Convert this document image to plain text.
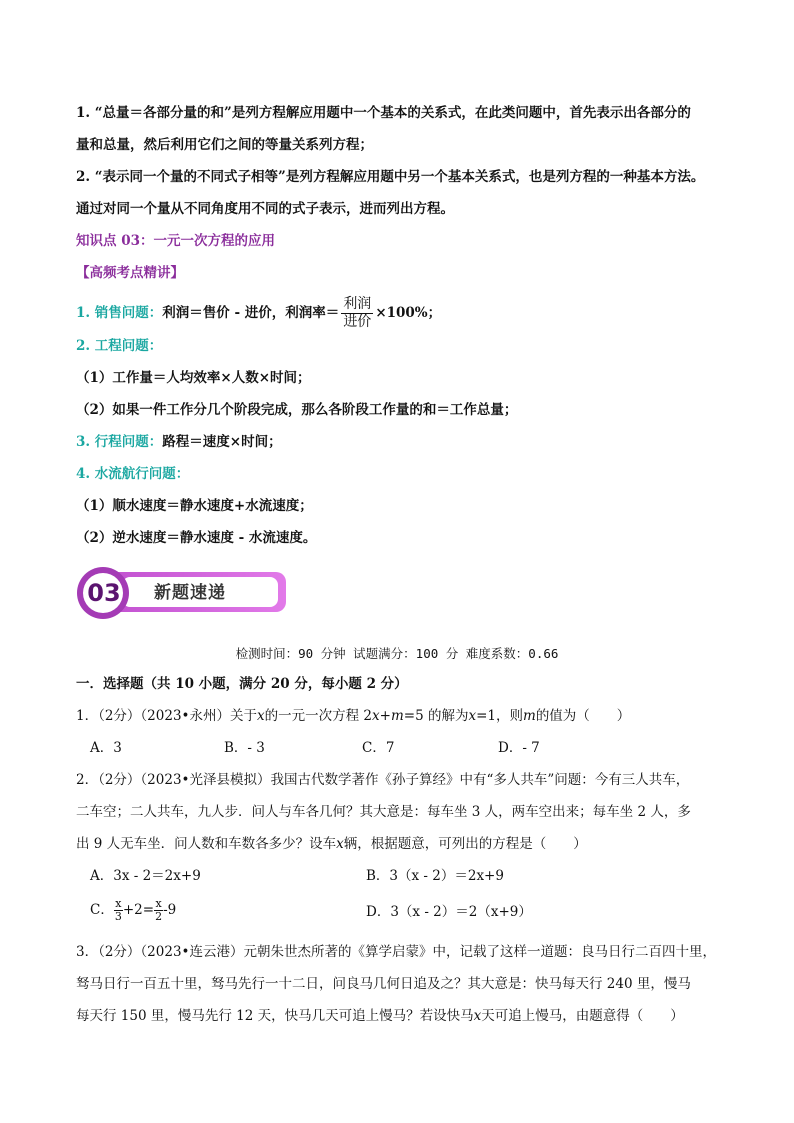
1. “总量＝各部分量的和”是列方程解应用题中一个基本的关系式，在此类问题中，首先表示出各部分的
量和总量，然后利用它们之间的等量关系列方程；
2. “表示同一个量的不同式子相等”是列方程解应用题中另一个基本关系式，也是列方程的一种基本方法。
通过对同一个量从不同角度用不同的式子表示，进而列出方程。
知识点 03：一元一次方程的应用
【高频考点精讲】
1. 销售问题：利润＝售价 - 进价，利润率＝ $\frac{\text{利润}}{\text{进价}} \times 100\%$；
2. 工程问题：
（1）工作量＝人均效率×人数×时间；
（2）如果一件工作分几个阶段完成，那么各阶段工作量的和＝工作总量；
3. 行程问题：路程＝速度×时间；
4. 水流航行问题：
（1）顺水速度＝静水速度+水流速度；
（2）逆水速度＝静水速度 - 水流速度。
03 新题速递
检测时间：90 分钟 试题满分：100 分 难度系数：0.66
一．选择题（共 10 小题，满分 20 分，每小题 2 分）
1．（2分）（2023•永州）关于x的一元一次方程 2x+m=5 的解为x=1，则m的值为（　　）
A．3	B．- 3	C．7	D．- 7
2．（2分）（2023•光泽县模拟）我国古代数学著作《孙子算经》中有“多人共车”问题：今有三人共车，
二车空；二人共车，九人步．问人与车各几何？其大意是：每车坐 3 人，两车空出来；每车坐 2 人，多
出 9 人无车坐．问人数和车数各多少？设车x辆，根据题意，可列出的方程是（　　）
A．3x - 2＝2x+9	B．3（x - 2）＝2x+9
C． $\frac{x}{3} +2= \frac{x}{2} -9$	D．3（x - 2）＝2（x+9）
3．（2分）（2023•连云港）元朝朱世杰所著的《算学启蒙》中，记载了这样一道题：良马日行二百四十里，
驽马日行一百五十里，驽马先行一十二日，问良马几何日追及之？其大意是：快马每天行 240 里，慢马
每天行 150 里，慢马先行 12 天，快马几天可追上慢马？若设快马x天可追上慢马，由题意得（　　）
